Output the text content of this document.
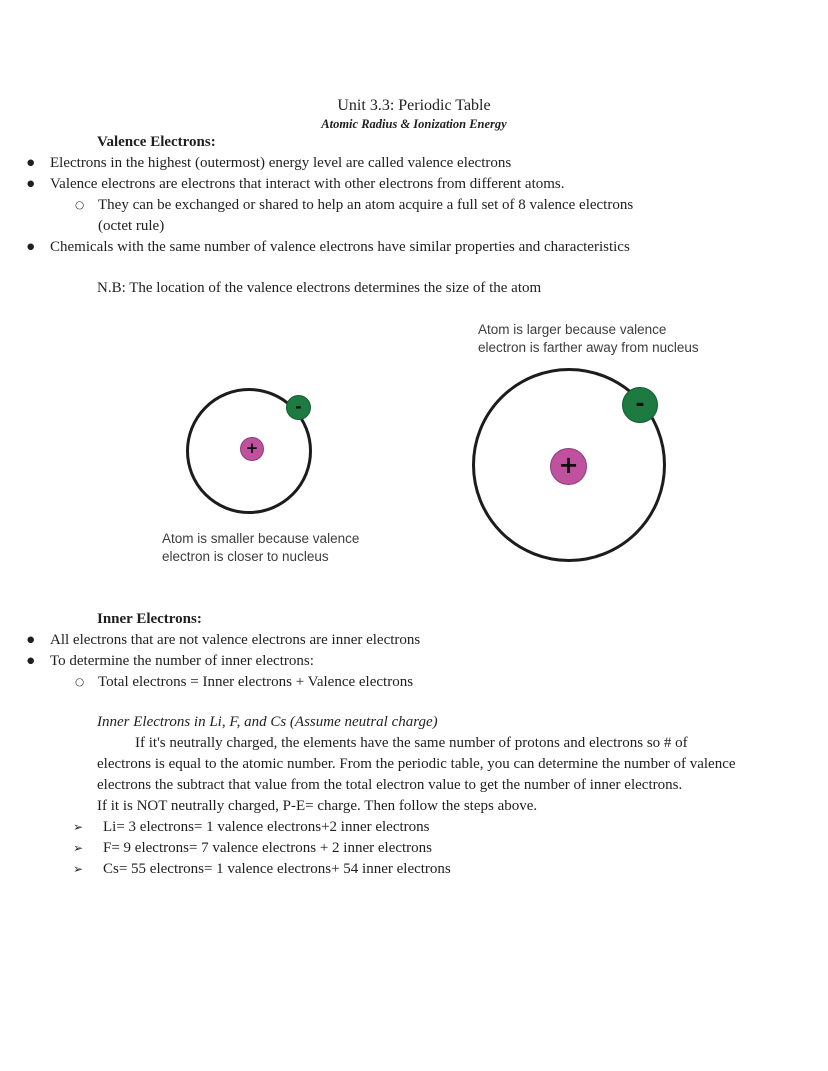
Unit 3.3: Periodic Table
Atomic Radius & Ionization Energy
Valence Electrons:
●	Electrons in the highest (outermost) energy level are called valence electrons
●	Valence electrons are electrons that interact with other electrons from different atoms.
○ They can be exchanged or shared to help an atom acquire a full set of 8 valence electrons
(octet rule)
●	Chemicals with the same number of valence electrons have similar properties and characteristics
N.B: The location of the valence electrons determines the size of the atom
Atom is larger because valence
electron is farther away from nucleus
-
+
-
+
Atom is smaller because valence
electron is closer to nucleus
Inner Electrons:
●	All electrons that are not valence electrons are inner electrons
●	To determine the number of inner electrons:
○ Total electrons = Inner electrons + Valence electrons
Inner Electrons in Li, F, and Cs (Assume neutral charge)
If it's neutrally charged, the elements have the same number of protons and electrons so # of
electrons is equal to the atomic number. From the periodic table, you can determine the number of valence
electrons the subtract that value from the total electron value to get the number of inner electrons.
If it is NOT neutrally charged, P-E= charge. Then follow the steps above.
➢	Li= 3 electrons= 1 valence electrons+2 inner electrons
➢	F= 9 electrons= 7 valence electrons + 2 inner electrons
➢	Cs= 55 electrons= 1 valence electrons+ 54 inner electrons
